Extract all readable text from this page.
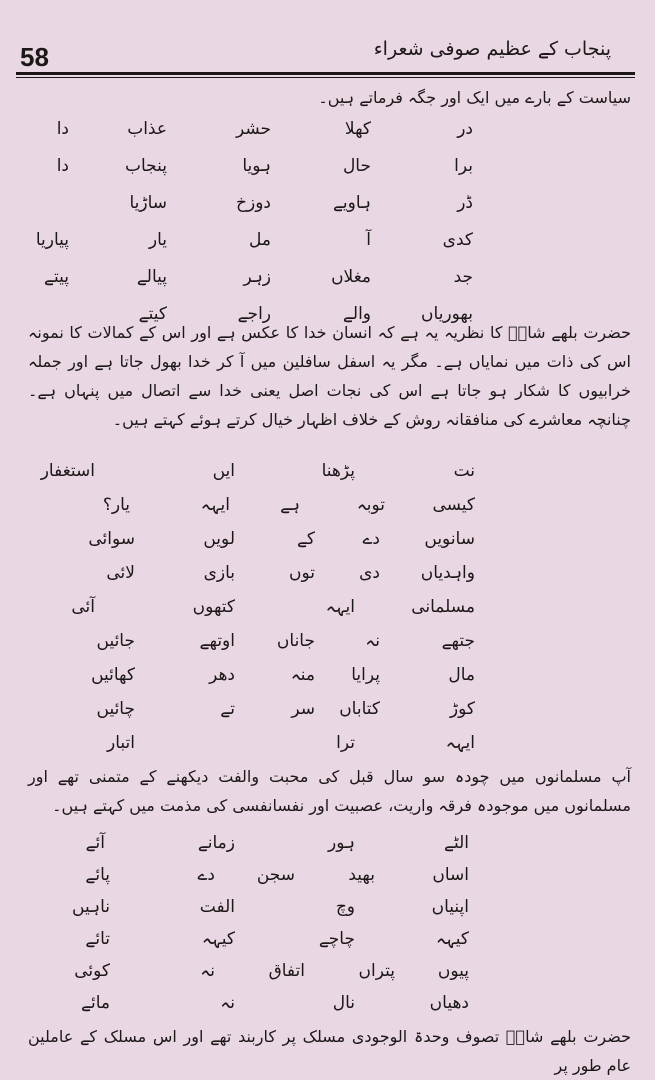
58	پنجاب کے عظیم صوفی شعراء

سیاست کے بارے میں ایک اور جگہ فرماتے ہیں۔

در
کھلا
حشر
عذاب
دا
برا
حال
ہویا
پنجاب
دا
ڈر
ہاویے
دوزخ
ساڑیا
کدی
آ
مل
یار
پیاریا
جد
مغلاں
زہر
پیالے
پیتے
بھوریاں
والے
راجے
کیتے

حضرت بلھے شاہؒ کا نظریہ یہ ہے کہ انسان خدا کا عکس ہے اور اس کے کمالات کا نمونہ اس کی ذات میں نمایاں ہے۔ مگر یہ اسفل سافلین میں آ کر خدا بھول جاتا ہے اور جملہ خرابیوں کا شکار ہو جاتا ہے اس کی نجات اصل یعنی خدا سے اتصال میں پنہاں ہے۔ چنانچہ معاشرے کی منافقانہ روش کے خلاف اظہار خیال کرتے ہوئے کہتے ہیں۔

نت
پڑھنا
ایں
استغفار
کیسی
توبہ
ہے
ایہہ
یار؟
سانویں
دے
کے
لویں
سوائی
واہدیاں
دی
توں
بازی
لائی
مسلمانی
ایہہ
کتھوں
آئی
جتھے
نہ
جاناں
اوتھے
جائیں
مال
پرایا
منہ
دھر
کھائیں
کوڑ
کتاباں
سر
تے
چائیں
ایہہ
ترا
اتبار

آپ مسلمانوں میں چودہ سو سال قبل کی محبت والفت دیکھنے کے متمنی تھے اور مسلمانوں میں موجودہ فرقہ واریت، عصبیت اور نفسانفسی کی مذمت میں کہتے ہیں۔

الٹے
ہور
زمانے
آئے
اساں
بھید
سجن
دے
پائے
اپنیاں
وچ
الفت
ناہیں
کیہہ
چاچے
کیہہ
تائے
پیوں
پتراں
اتفاق
نہ
کوئی
دھیاں
نال
نہ
مائے

حضرت بلھے شاہؒ تصوف وحدۃ الوجودی مسلک پر کاربند تھے اور اس مسلک کے عاملین عام طور پر
